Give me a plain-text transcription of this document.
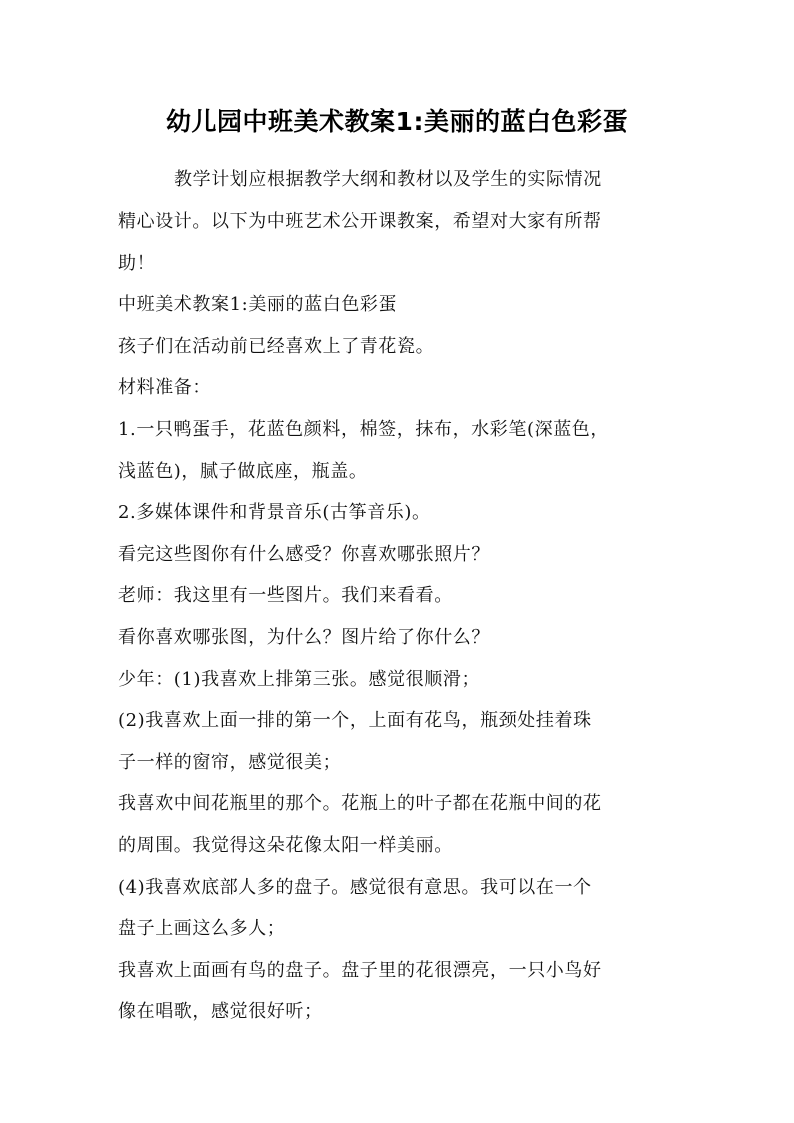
幼儿园中班美术教案1:美丽的蓝白色彩蛋
教学计划应根据教学大纲和教材以及学生的实际情况
精心设计。以下为中班艺术公开课教案，希望对大家有所帮
助！
中班美术教案1:美丽的蓝白色彩蛋
孩子们在活动前已经喜欢上了青花瓷。
材料准备：
1.一只鸭蛋手，花蓝色颜料，棉签，抹布，水彩笔(深蓝色，
浅蓝色)，腻子做底座，瓶盖。
2.多媒体课件和背景音乐(古筝音乐)。
看完这些图你有什么感受？你喜欢哪张照片？
老师：我这里有一些图片。我们来看看。
看你喜欢哪张图，为什么？图片给了你什么？
少年：(1)我喜欢上排第三张。感觉很顺滑；
(2)我喜欢上面一排的第一个，上面有花鸟，瓶颈处挂着珠
子一样的窗帘，感觉很美；
我喜欢中间花瓶里的那个。花瓶上的叶子都在花瓶中间的花
的周围。我觉得这朵花像太阳一样美丽。
(4)我喜欢底部人多的盘子。感觉很有意思。我可以在一个
盘子上画这么多人；
我喜欢上面画有鸟的盘子。盘子里的花很漂亮，一只小鸟好
像在唱歌，感觉很好听；
